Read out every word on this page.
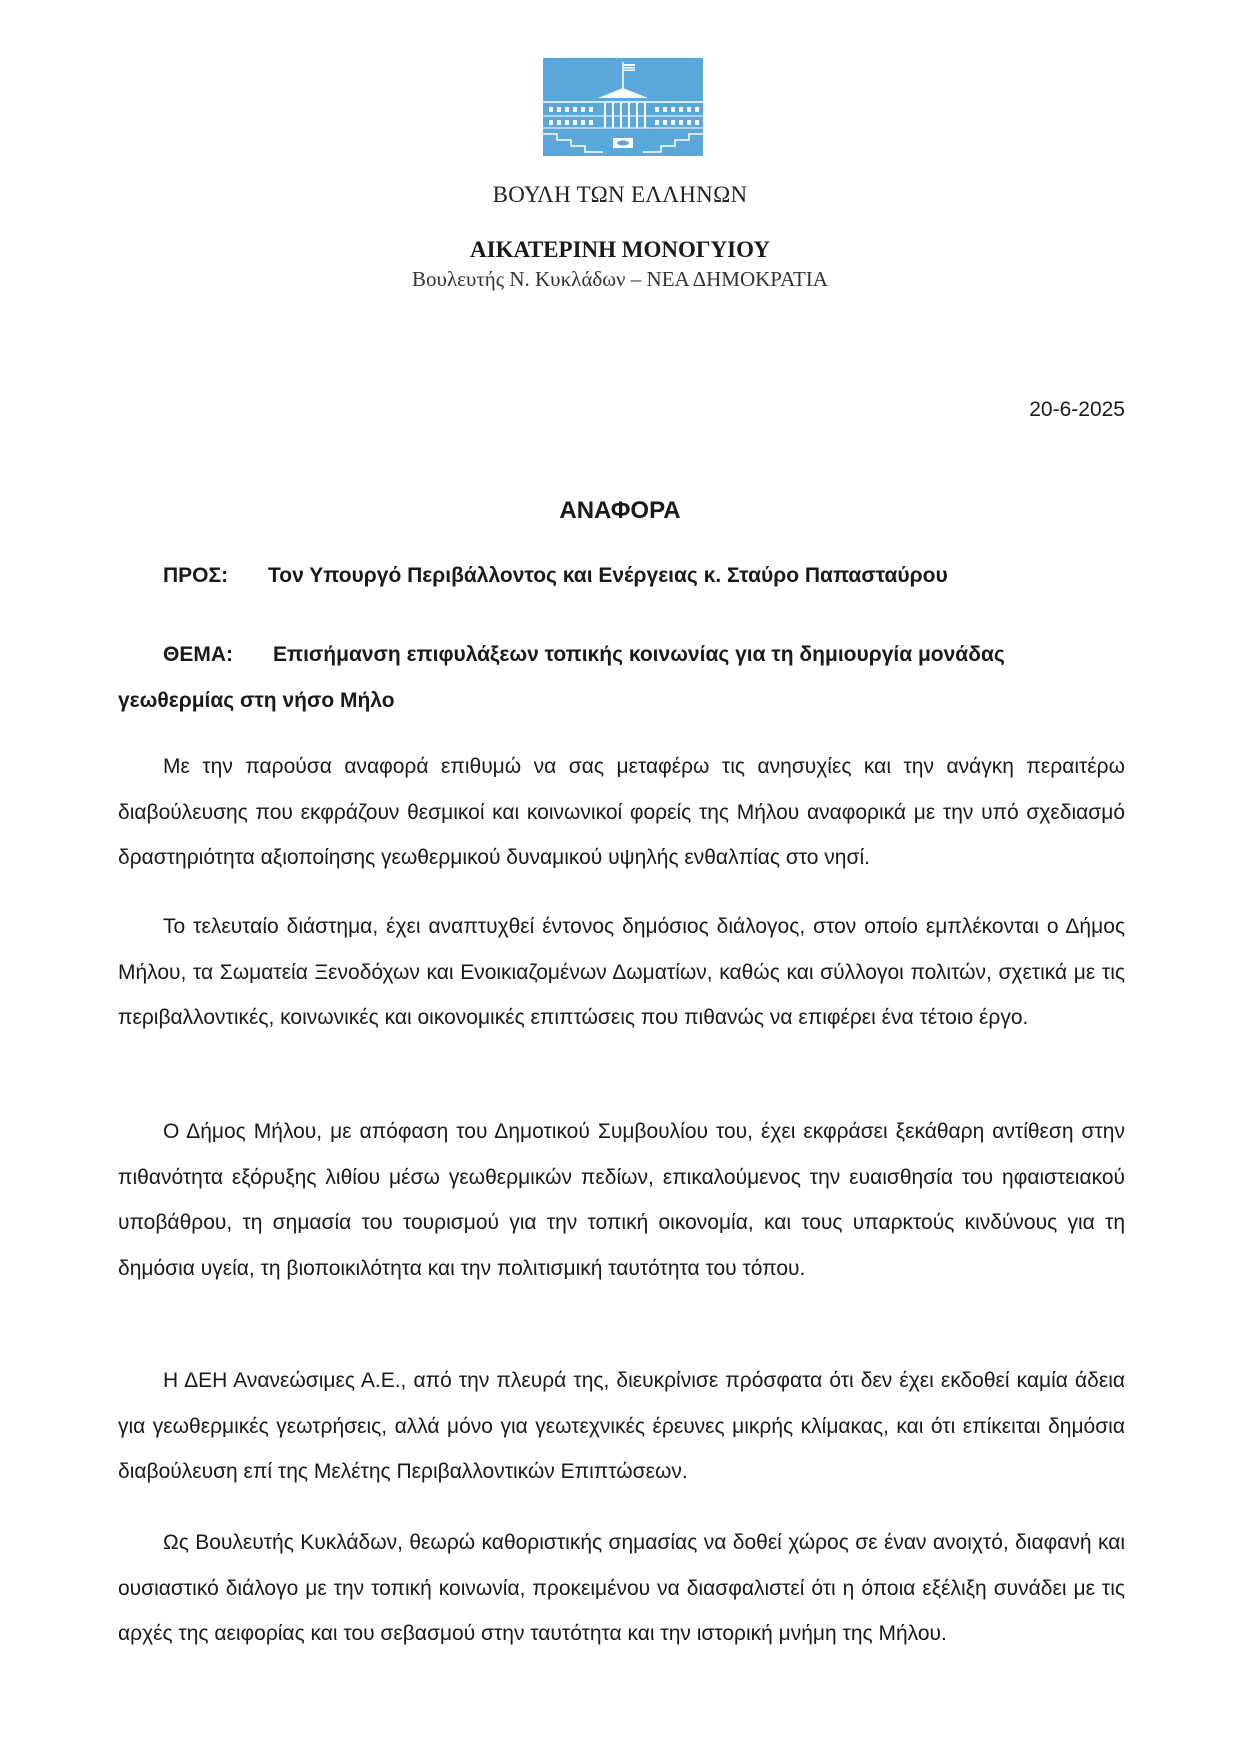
ΒΟΥΛΗ ΤΩΝ ΕΛΛΗΝΩΝ
ΑΙΚΑΤΕΡΙΝΗ ΜΟΝΟΓΥΙΟΥ
Βουλευτής Ν. Κυκλάδων – ΝΕΑ ΔΗΜΟΚΡΑΤΙΑ
20-6-2025
ΑΝΑΦΟΡΑ
ΠΡΟΣ: Τον Υπουργό Περιβάλλοντος και Ενέργειας κ. Σταύρο Παπασταύρου
ΘΕΜΑ: Επισήμανση επιφυλάξεων τοπικής κοινωνίας για τη δημιουργία μονάδας γεωθερμίας στη νήσο Μήλο

Με την παρούσα αναφορά επιθυμώ να σας μεταφέρω τις ανησυχίες και την ανάγκη περαιτέρω διαβούλευσης που εκφράζουν θεσμικοί και κοινωνικοί φορείς της Μήλου αναφορικά με την υπό σχεδιασμό δραστηριότητα αξιοποίησης γεωθερμικού δυναμικού υψηλής ενθαλπίας στο νησί.

Το τελευταίο διάστημα, έχει αναπτυχθεί έντονος δημόσιος διάλογος, στον οποίο εμπλέκονται ο Δήμος Μήλου, τα Σωματεία Ξενοδόχων και Ενοικιαζομένων Δωματίων, καθώς και σύλλογοι πολιτών, σχετικά με τις περιβαλλοντικές, κοινωνικές και οικονομικές επιπτώσεις που πιθανώς να επιφέρει ένα τέτοιο έργο.

Ο Δήμος Μήλου, με απόφαση του Δημοτικού Συμβουλίου του, έχει εκφράσει ξεκάθαρη αντίθεση στην πιθανότητα εξόρυξης λιθίου μέσω γεωθερμικών πεδίων, επικαλούμενος την ευαισθησία του ηφαιστειακού υποβάθρου, τη σημασία του τουρισμού για την τοπική οικονομία, και τους υπαρκτούς κινδύνους για τη δημόσια υγεία, τη βιοποικιλότητα και την πολιτισμική ταυτότητα του τόπου.

Η ΔΕΗ Ανανεώσιμες Α.Ε., από την πλευρά της, διευκρίνισε πρόσφατα ότι δεν έχει εκδοθεί καμία άδεια για γεωθερμικές γεωτρήσεις, αλλά μόνο για γεωτεχνικές έρευνες μικρής κλίμακας, και ότι επίκειται δημόσια διαβούλευση επί της Μελέτης Περιβαλλοντικών Επιπτώσεων.

Ως Βουλευτής Κυκλάδων, θεωρώ καθοριστικής σημασίας να δοθεί χώρος σε έναν ανοιχτό, διαφανή και ουσιαστικό διάλογο με την τοπική κοινωνία, προκειμένου να διασφαλιστεί ότι η όποια εξέλιξη συνάδει με τις αρχές της αειφορίας και του σεβασμού στην ταυτότητα και την ιστορική μνήμη της Μήλου.
